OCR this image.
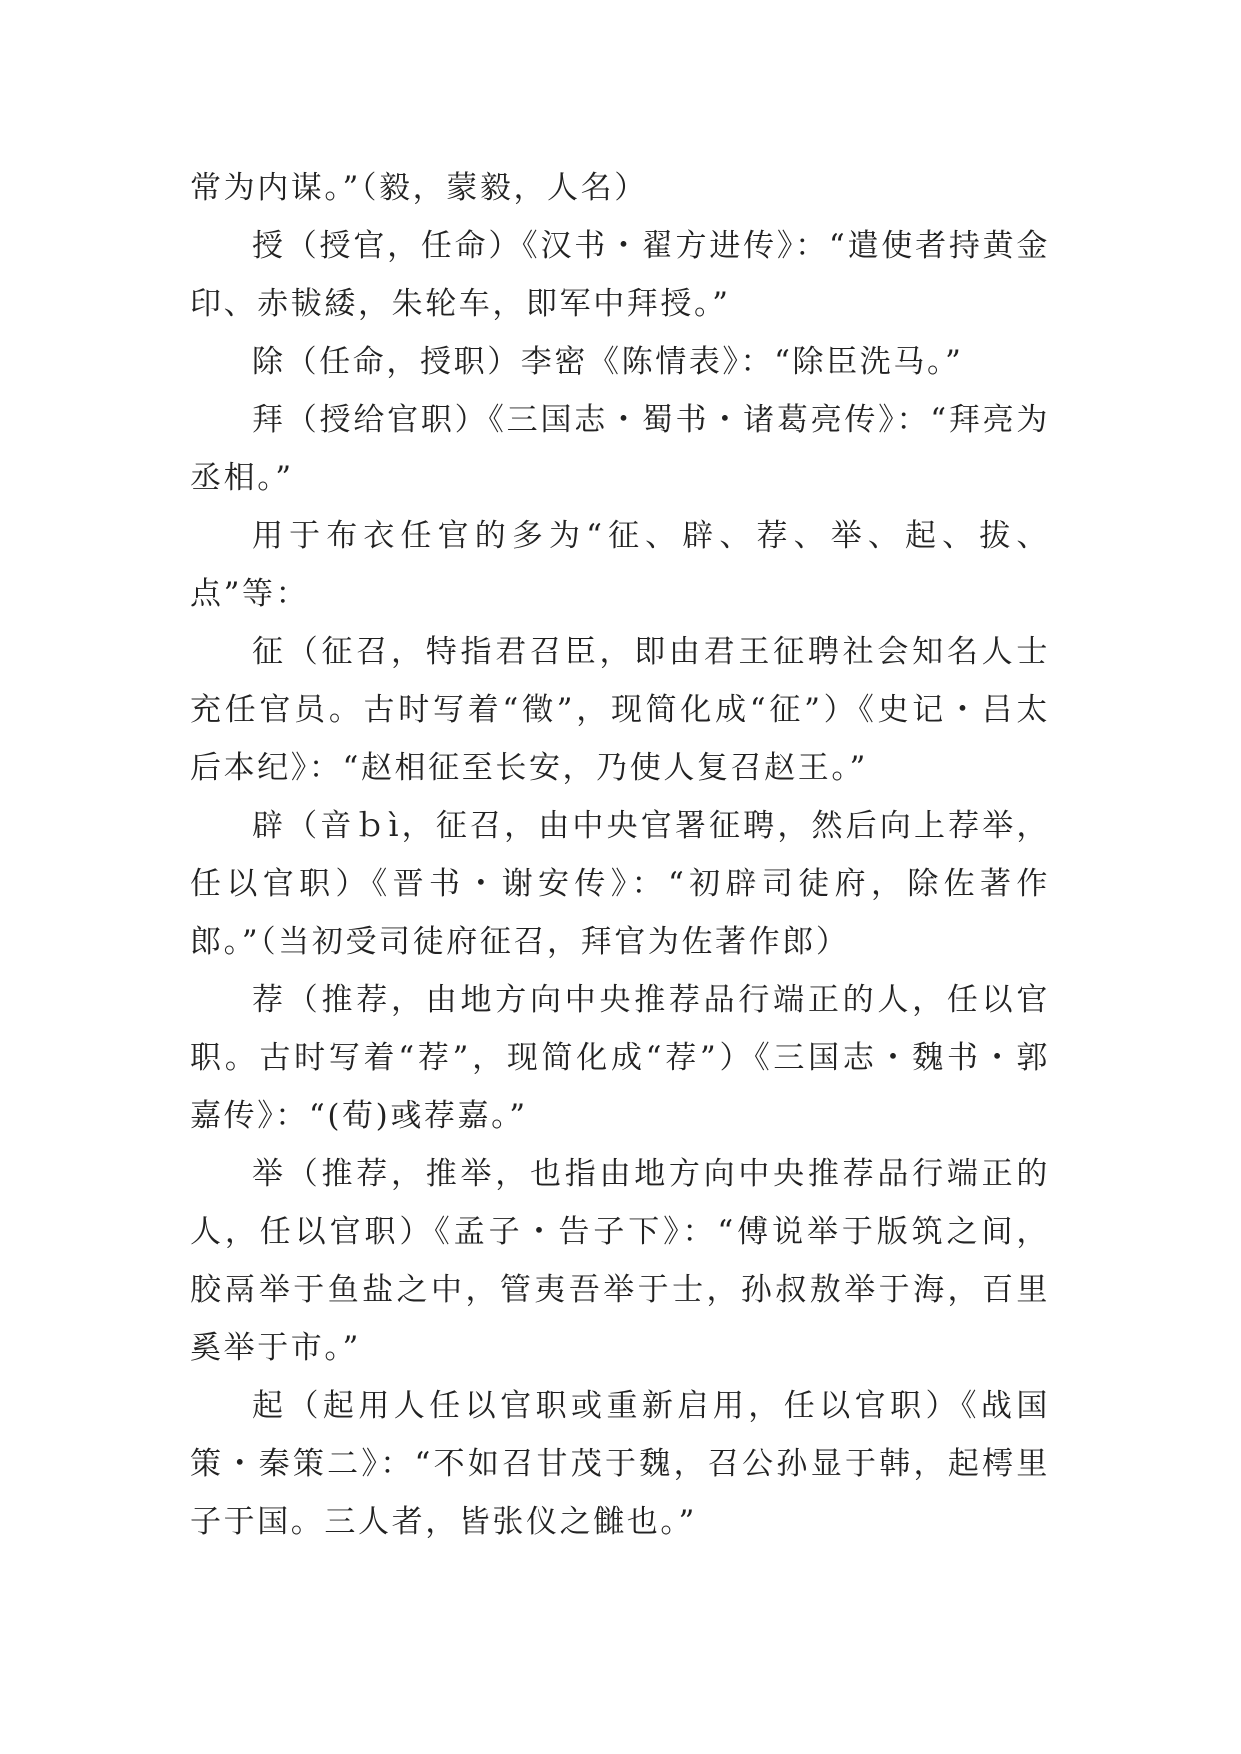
常为内谋。”（毅，蒙毅，人名）

授（授官，任命）《汉书・翟方进传》：“遣使者持黄金印、赤韨緌，朱轮车，即军中拜授。”

除（任命，授职）李密《陈情表》：“除臣洗马。”

拜（授给官职）《三国志・蜀书・诸葛亮传》：“拜亮为丞相。”

用于布衣任官的多为“征、辟、荐、举、起、拔、点”等：

征（征召，特指君召臣，即由君王征聘社会知名人士充任官员。古时写着“徵”，现简化成“征”）《史记・吕太后本纪》：“赵相征至长安，乃使人复召赵王。”

辟（音ｂì，征召，由中央官署征聘，然后向上荐举，任以官职）《晋书・谢安传》：“初辟司徒府，除佐著作郎。”（当初受司徒府征召，拜官为佐著作郎）

荐（推荐，由地方向中央推荐品行端正的人，任以官职。古时写着“荐”，现简化成“荐”）《三国志・魏书・郭嘉传》：“(荀)彧荐嘉。”

举（推荐，推举，也指由地方向中央推荐品行端正的人，任以官职）《孟子・告子下》：“傅说举于版筑之间，胶鬲举于鱼盐之中，管夷吾举于士，孙叔敖举于海，百里奚举于市。”

起（起用人任以官职或重新启用，任以官职）《战国策・秦策二》：“不如召甘茂于魏，召公孙显于韩，起樗里子于国。三人者，皆张仪之雠也。”
